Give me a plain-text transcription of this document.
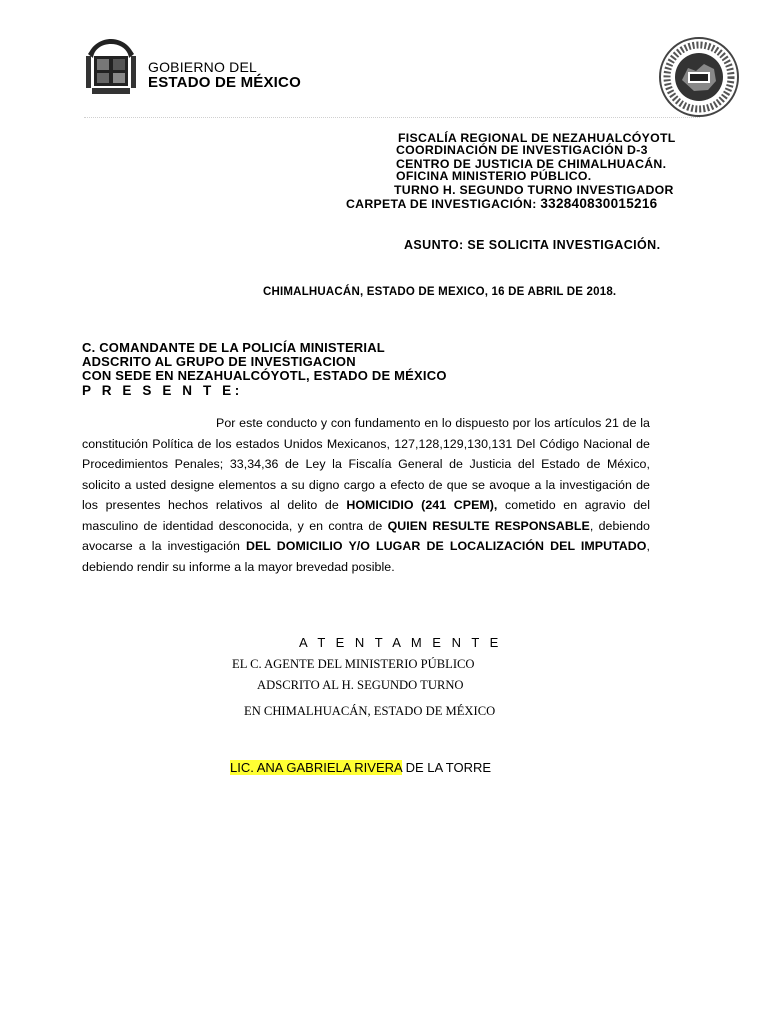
GOBIERNO DEL
ESTADO DE MÉXICO
FISCALÍA REGIONAL DE NEZAHUALCÓYOTL
COORDINACIÓN DE INVESTIGACIÓN D-3
CENTRO DE JUSTICIA DE CHIMALHUACÁN.
OFICINA MINISTERIO PÚBLICO.
TURNO H. SEGUNDO TURNO INVESTIGADOR
CARPETA DE INVESTIGACIÓN: 332840830015216
ASUNTO: SE SOLICITA INVESTIGACIÓN.
CHIMALHUACÁN, ESTADO DE MEXICO, 16 DE ABRIL DE 2018.
C. COMANDANTE DE LA POLICÍA MINISTERIAL
ADSCRITO AL GRUPO DE INVESTIGACION
CON SEDE EN NEZAHUALCÓYOTL, ESTADO DE MÉXICO
P R E S E N T E:
Por este conducto y con fundamento en lo dispuesto por los artículos 21 de la constitución Política de los estados Unidos Mexicanos, 127,128,129,130,131 Del Código Nacional de Procedimientos Penales; 33,34,36 de Ley la Fiscalía General de Justicia del Estado de México, solicito a usted designe elementos a su digno cargo a efecto de que se avoque a la investigación de los presentes hechos relativos al delito de HOMICIDIO (241 CPEM), cometido en agravio del masculino de identidad desconocida, y en contra de QUIEN RESULTE RESPONSABLE, debiendo avocarse a la investigación DEL DOMICILIO Y/O LUGAR DE LOCALIZACIÓN DEL IMPUTADO, debiendo rendir su informe a la mayor brevedad posible.
A T E N T A M E N T E
EL C. AGENTE DEL MINISTERIO PÚBLICO
ADSCRITO AL H. SEGUNDO TURNO
EN CHIMALHUACÁN, ESTADO DE MÉXICO
LIC. ANA GABRIELA RIVERA DE LA TORRE
